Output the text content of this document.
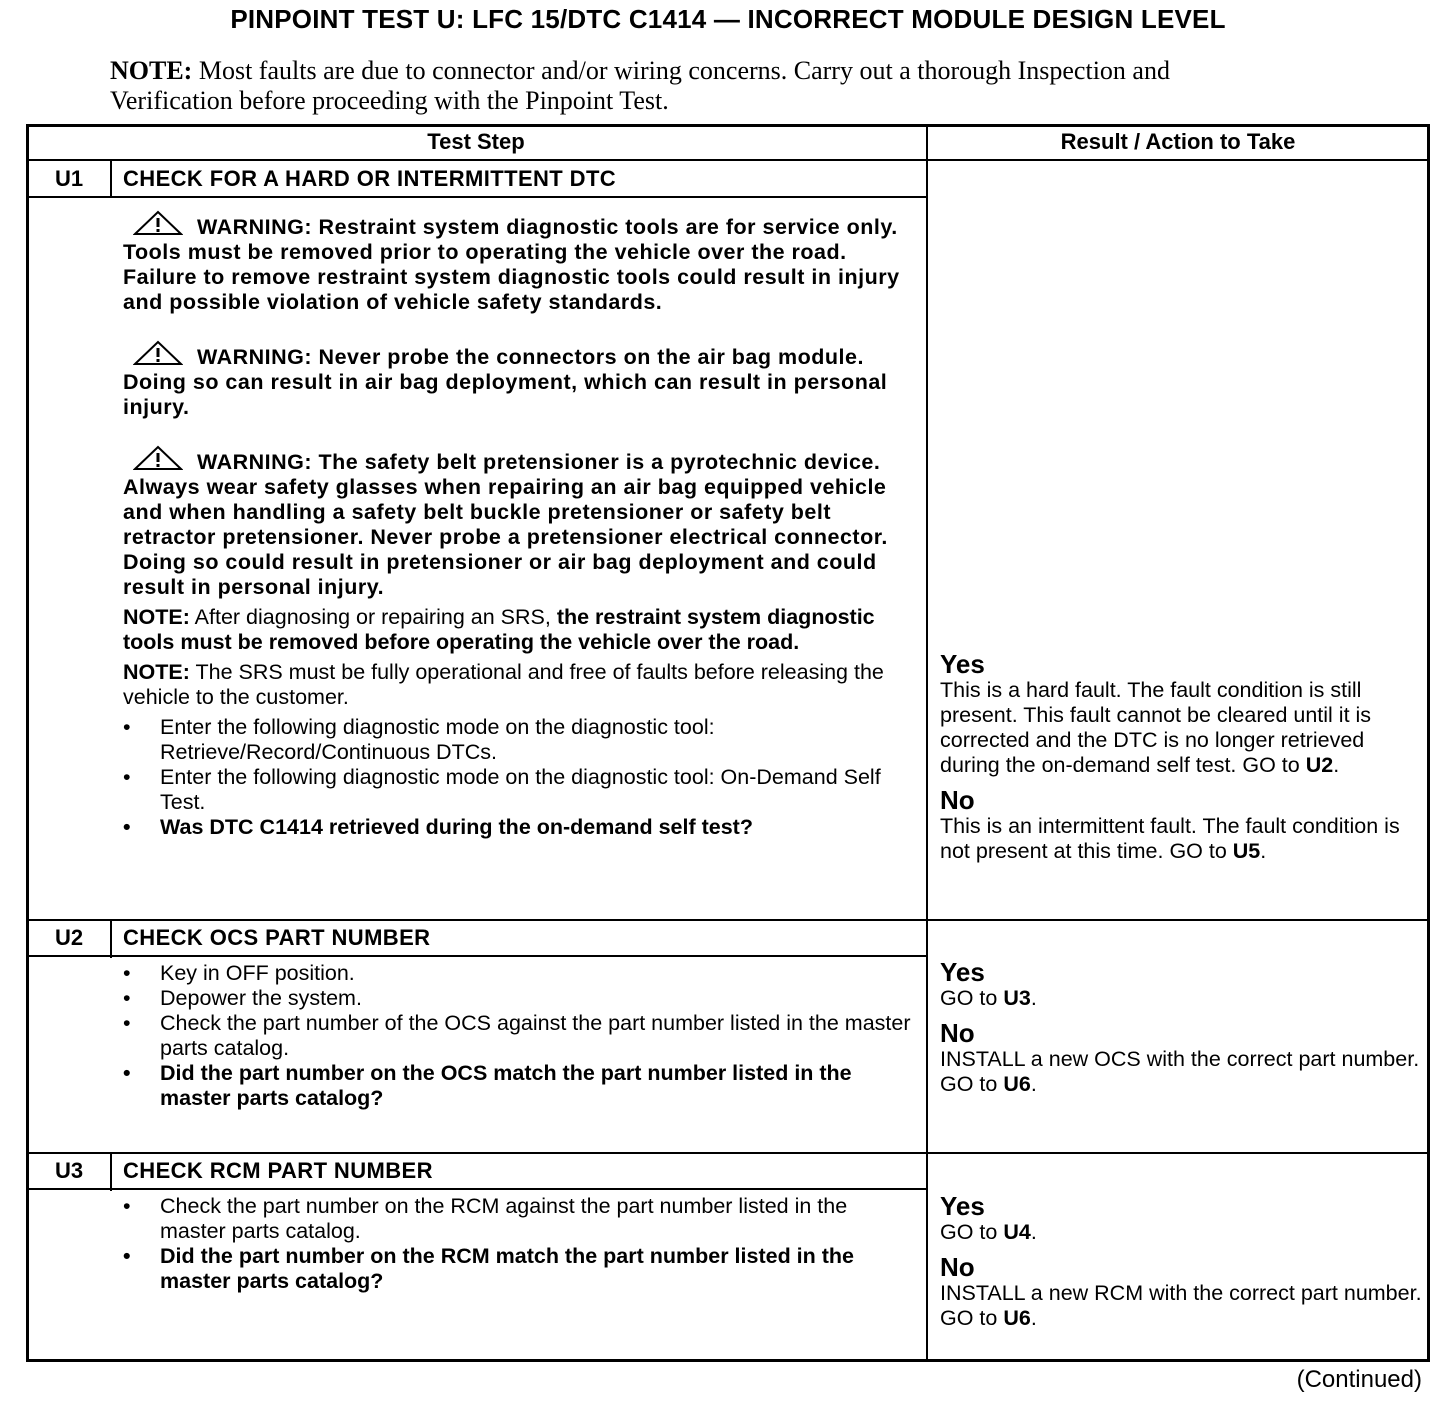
PINPOINT TEST U: LFC 15/DTC C1414 — INCORRECT MODULE DESIGN LEVEL
NOTE: Most faults are due to connector and/or wiring concerns. Carry out a thorough Inspection and Verification before proceeding with the Pinpoint Test.
Test Step	Result / Action to Take
U1	CHECK FOR A HARD OR INTERMITTENT DTC

WARNING: Restraint system diagnostic tools are for service only. Tools must be removed prior to operating the vehicle over the road. Failure to remove restraint system diagnostic tools could result in injury and possible violation of vehicle safety standards.

WARNING: Never probe the connectors on the air bag module. Doing so can result in air bag deployment, which can result in personal injury.

WARNING: The safety belt pretensioner is a pyrotechnic device. Always wear safety glasses when repairing an air bag equipped vehicle and when handling a safety belt buckle pretensioner or safety belt retractor pretensioner. Never probe a pretensioner electrical connector. Doing so could result in pretensioner or air bag deployment and could result in personal injury.

NOTE: After diagnosing or repairing an SRS, the restraint system diagnostic tools must be removed before operating the vehicle over the road.

NOTE: The SRS must be fully operational and free of faults before releasing the vehicle to the customer.

• Enter the following diagnostic mode on the diagnostic tool: Retrieve/Record/Continuous DTCs.
• Enter the following diagnostic mode on the diagnostic tool: On-Demand Self Test.
• Was DTC C1414 retrieved during the on-demand self test?
Yes
This is a hard fault. The fault condition is still present. This fault cannot be cleared until it is corrected and the DTC is no longer retrieved during the on-demand self test. GO to U2.
No
This is an intermittent fault. The fault condition is not present at this time. GO to U5.
U2	CHECK OCS PART NUMBER
• Key in OFF position.
• Depower the system.
• Check the part number of the OCS against the part number listed in the master parts catalog.
• Did the part number on the OCS match the part number listed in the master parts catalog?
Yes
GO to U3.
No
INSTALL a new OCS with the correct part number. GO to U6.
U3	CHECK RCM PART NUMBER
• Check the part number on the RCM against the part number listed in the master parts catalog.
• Did the part number on the RCM match the part number listed in the master parts catalog?
Yes
GO to U4.
No
INSTALL a new RCM with the correct part number. GO to U6.
(Continued)
